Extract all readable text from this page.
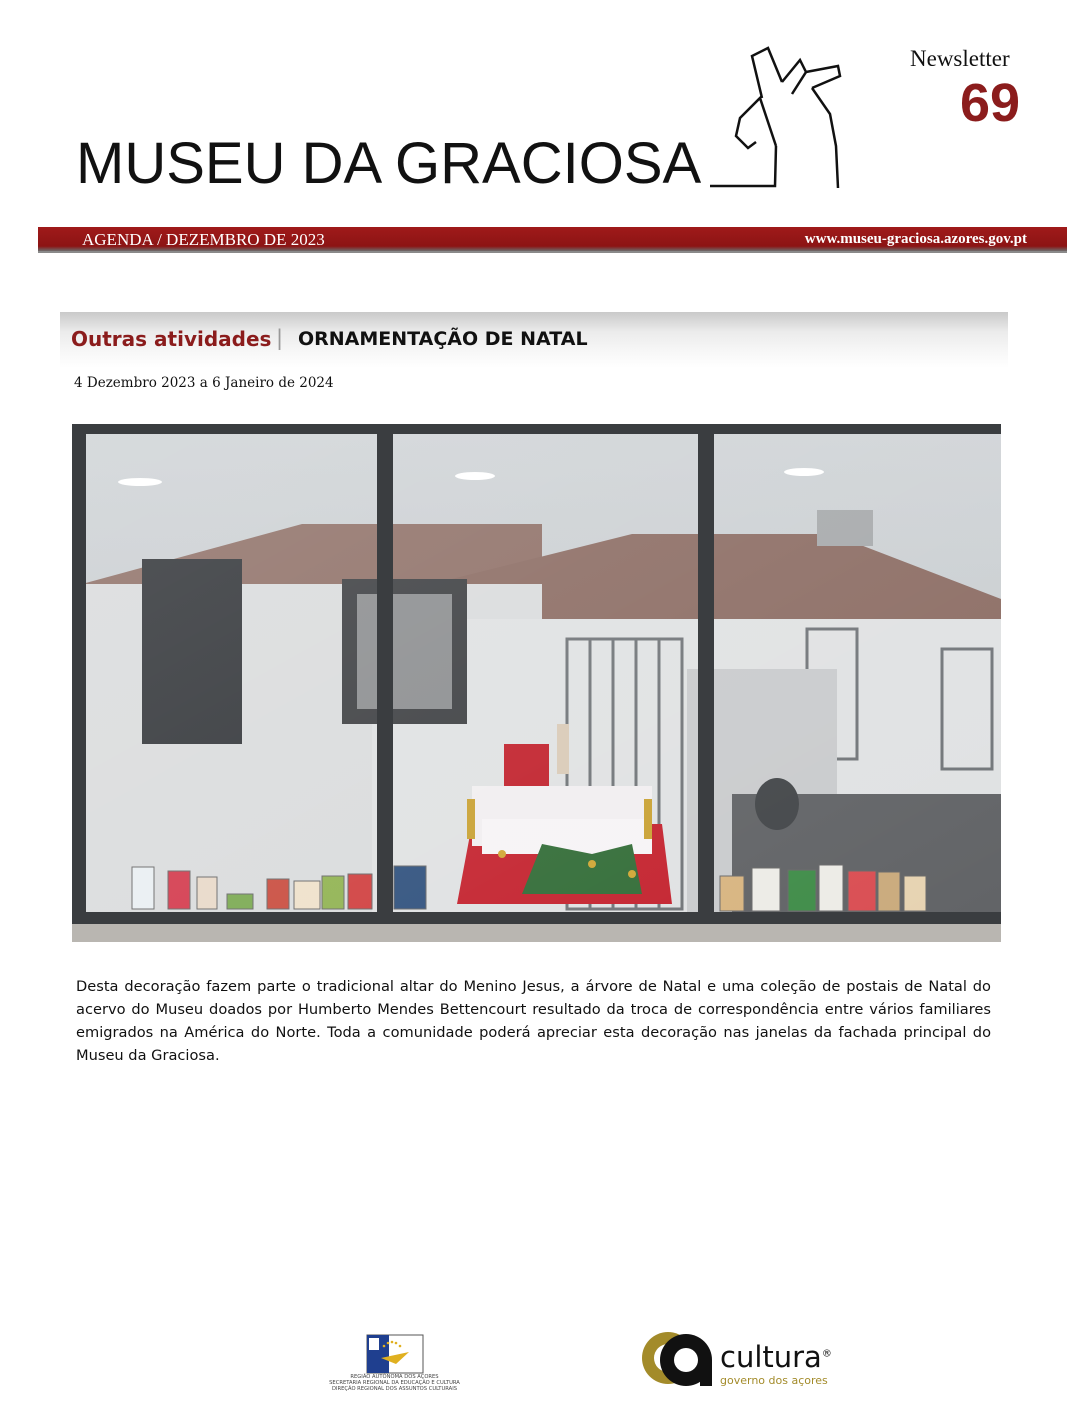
MUSEU DA GRACIOSA
Newsletter
69
AGENDA / DEZEMBRO DE 2023	www.museu-graciosa.azores.gov.pt
Outras atividades | ORNAMENTAÇÃO DE NATAL
4 Dezembro 2023 a 6 Janeiro de 2024
Desta decoração fazem parte o tradicional altar do Menino Jesus, a árvore de Natal e uma coleção de postais de Natal do acervo do Museu doados por Humberto Mendes Bettencourt resultado da troca de correspondência entre vários familiares emigrados na América do Norte. Toda a comunidade poderá apreciar esta decoração nas janelas da fachada principal do Museu da Graciosa.
REGIÃO AUTÓNOMA DOS AÇORES
SECRETARIA REGIONAL DA EDUCAÇÃO E CULTURA
DIREÇÃO REGIONAL DOS ASSUNTOS CULTURAIS
cultura®
governo dos açores
